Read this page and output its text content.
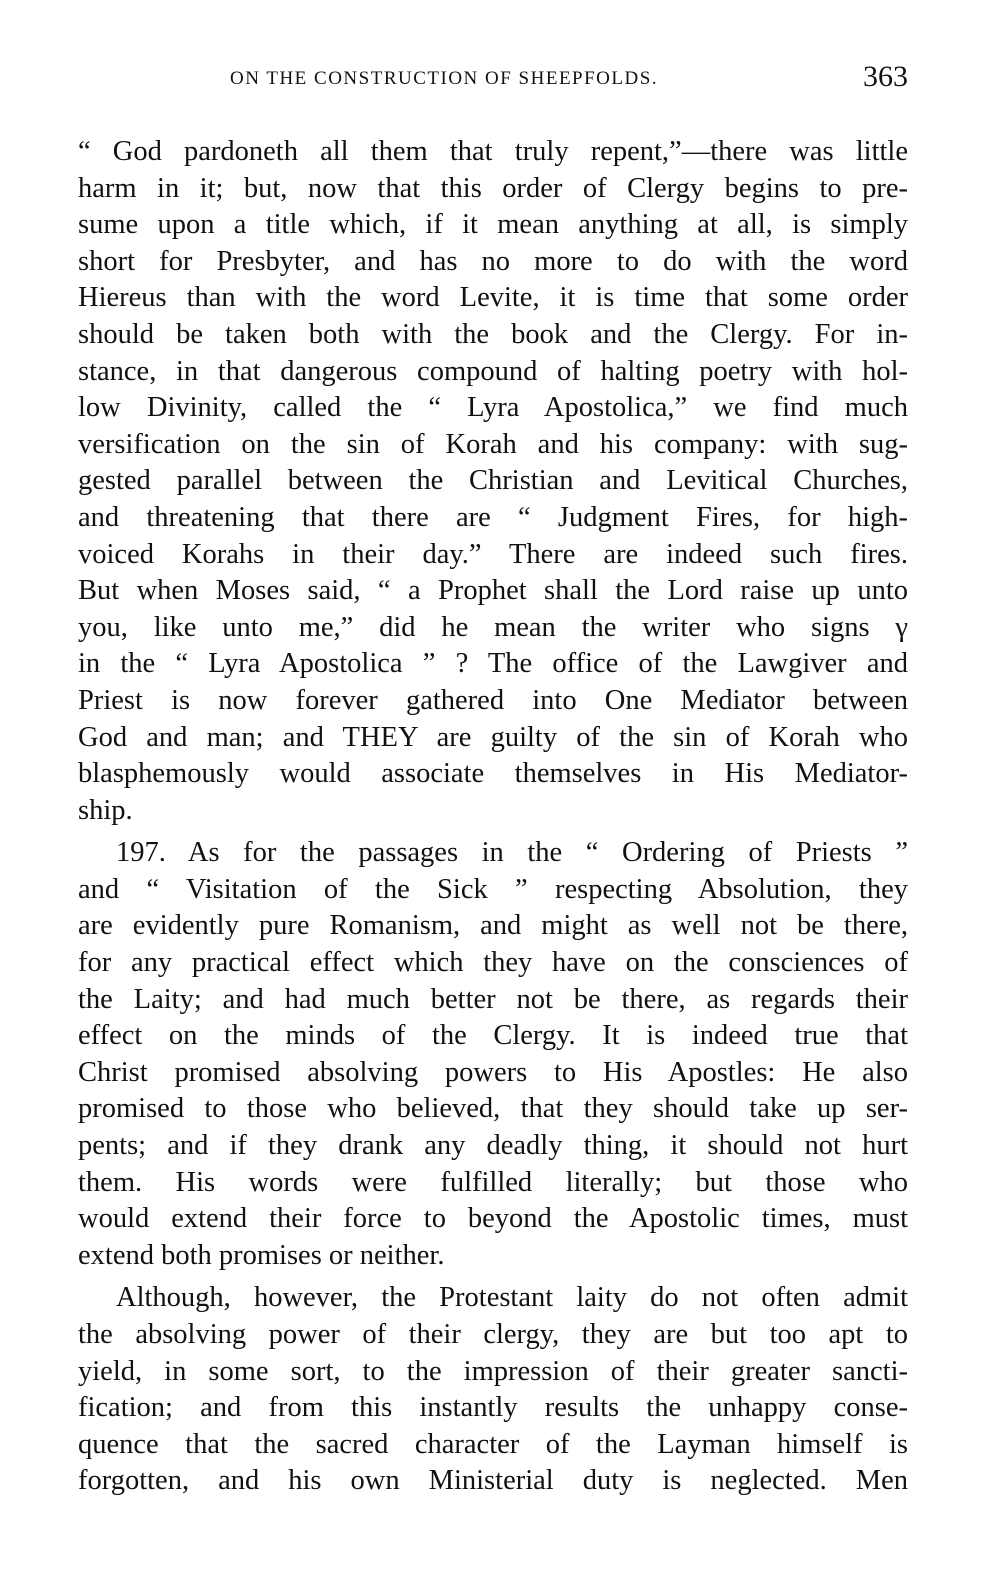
ON THE CONSTRUCTION OF SHEEPFOLDS.	363
“ God pardoneth all them that truly repent,”—there was little
harm in it; but, now that this order of Clergy begins to pre-
sume upon a title which, if it mean anything at all, is simply
short for Presbyter, and has no more to do with the word
Hiereus than with the word Levite, it is time that some order
should be taken both with the book and the Clergy. For in-
stance, in that dangerous compound of halting poetry with hol-
low Divinity, called the “ Lyra Apostolica,” we find much
versification on the sin of Korah and his company: with sug-
gested parallel between the Christian and Levitical Churches,
and threatening that there are “ Judgment Fires, for high-
voiced Korahs in their day.” There are indeed such fires.
But when Moses said, “ a Prophet shall the Lord raise up unto
you, like unto me,” did he mean the writer who signs γ
in the “ Lyra Apostolica ” ? The office of the Lawgiver and
Priest is now forever gathered into One Mediator between
God and man; and THEY are guilty of the sin of Korah who
blasphemously would associate themselves in His Mediator-
ship.
197. As for the passages in the “ Ordering of Priests ”
and “ Visitation of the Sick ” respecting Absolution, they
are evidently pure Romanism, and might as well not be there,
for any practical effect which they have on the consciences of
the Laity; and had much better not be there, as regards their
effect on the minds of the Clergy. It is indeed true that
Christ promised absolving powers to His Apostles: He also
promised to those who believed, that they should take up ser-
pents; and if they drank any deadly thing, it should not hurt
them. His words were fulfilled literally; but those who
would extend their force to beyond the Apostolic times, must
extend both promises or neither.
Although, however, the Protestant laity do not often admit
the absolving power of their clergy, they are but too apt to
yield, in some sort, to the impression of their greater sancti-
fication; and from this instantly results the unhappy conse-
quence that the sacred character of the Layman himself is
forgotten, and his own Ministerial duty is neglected. Men
